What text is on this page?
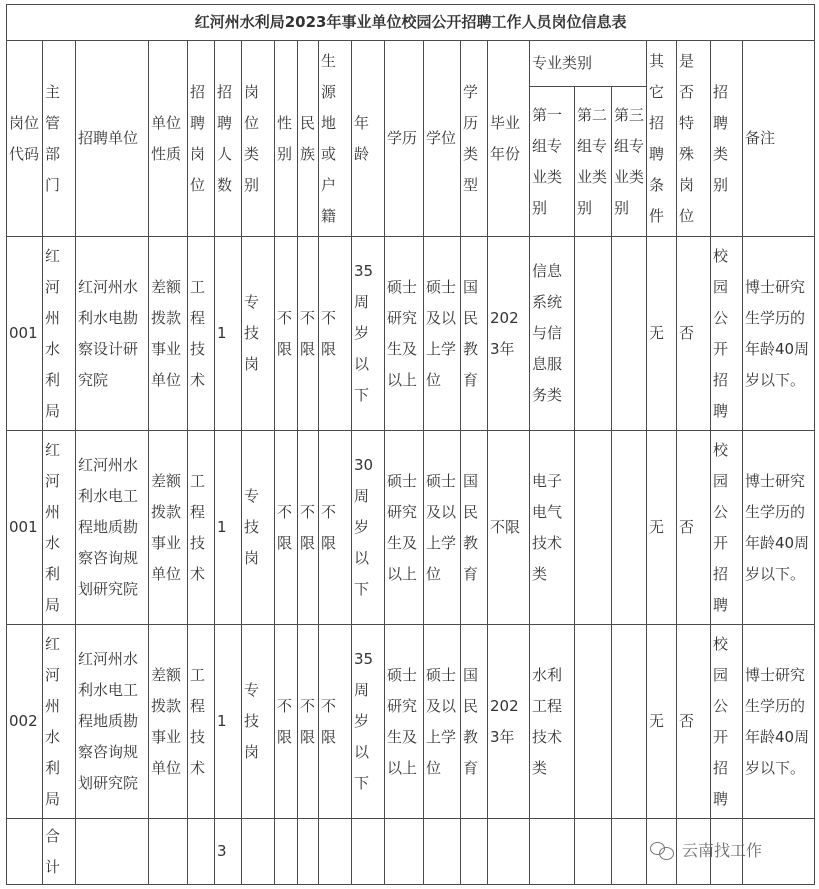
红河州水利局2023年事业单位校园公开招聘工作人员岗位信息表																					
岗位代码	主管部门	招聘单位	单位性质	招聘岗位	招聘人数	岗位类别	性别	民族	生源地或户籍	年龄	学历	学位	学历类型	毕业年份	专业类别			其它招聘条件	是否特殊岗位	招聘类别	备注
															第一组专业类别	第二组专业类别	第三组专业类别				
001	红河州水利局	红河州水利水电勘察设计研究院	差额拨款事业单位	工程技术	1	专技岗	不限	不限	不限	35周岁以下	硕士研究生及以上	硕士及以上学位	国民教育	2023年	信息系统与信息服务类			无	否	校园公开招聘	博士研究生学历的年龄40周岁以下。
001	红河州水利局	红河州水利水电工程地质勘察咨询规划研究院	差额拨款事业单位	工程技术	1	专技岗	不限	不限	不限	30周岁以下	硕士研究生及以上	硕士及以上学位	国民教育	不限	电子电气技术类			无	否	校园公开招聘	博士研究生学历的年龄40周岁以下。
002	红河州水利局	红河州水利水电工程地质勘察咨询规划研究院	差额拨款事业单位	工程技术	1	专技岗	不限	不限	不限	35周岁以下	硕士研究生及以上	硕士及以上学位	国民教育	2023年	水利工程技术类			无	否	校园公开招聘	博士研究生学历的年龄40周岁以下。
	合计				3																	云南找工作
